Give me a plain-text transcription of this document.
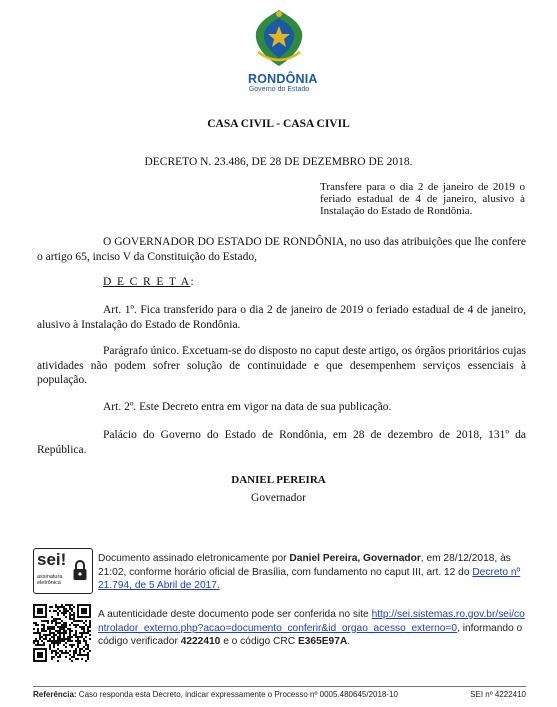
RONDÔNIA
Governo do Estado
CASA CIVIL - CASA CIVIL
DECRETO N. 23.486, DE 28 DE DEZEMBRO DE 2018.
Transfere para o dia 2 de janeiro de 2019 o feriado estadual de 4 de janeiro, alusivo à Instalação do Estado de Rondônia.
O GOVERNADOR DO ESTADO DE RONDÔNIA, no uso das atribuições que lhe confere o artigo 65, inciso V da Constituição do Estado,
D E C R E T A:
Art. 1º. Fica transferido para o dia 2 de janeiro de 2019 o feriado estadual de 4 de janeiro, alusivo à Instalação do Estado de Rondônia.
Parágrafo único. Excetuam-se do disposto no caput deste artigo, os órgãos prioritários cujas atividades não podem sofrer solução de continuidade e que desempenhem serviços essenciais à população.
Art. 2º. Este Decreto entra em vigor na data de sua publicação.
Palácio do Governo do Estado de Rondônia, em 28 de dezembro de 2018, 131º da República.
DANIEL PEREIRA
Governador
sei!
assinatura eletrônica
Documento assinado eletronicamente por Daniel Pereira, Governador, em 28/12/2018, às 21:02, conforme horário oficial de Brasília, com fundamento no caput III, art. 12 do Decreto nº 21.794, de 5 Abril de 2017.
A autenticidade deste documento pode ser conferida no site http://sei.sistemas.ro.gov.br/sei/controlador_externo.php?acao=documento_conferir&id_orgao_acesso_externo=0, informando o código verificador 4222410 e o código CRC E365E97A.
Referência: Caso responda esta Decreto, indicar expressamente o Processo nº 0005.480645/2018-10	SEI nº 4222410
